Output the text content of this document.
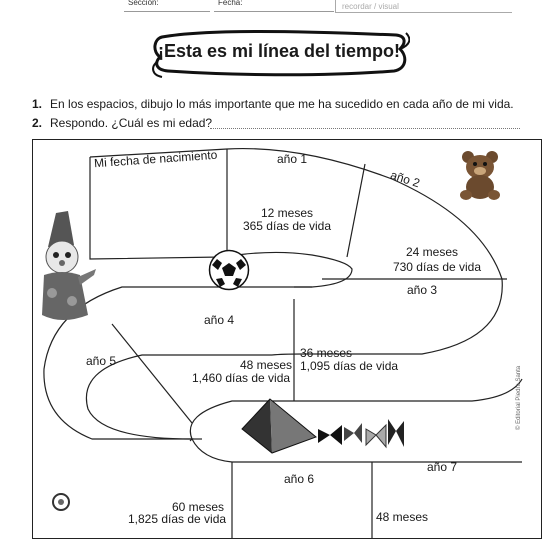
Sección:	Fecha:	recordar / visual
¡Esta es mi línea del tiempo!
1. En los espacios, dibujo lo más importante que me ha sucedido en cada año de mi vida.
2. Respondo. ¿Cuál es mi edad?
Mi fecha de nacimiento	año 1
12 meses
365 días de vida
año 2
24 meses
730 días de vida
año 3
año 4
36 meses
1,095 días de vida
48 meses
1,460 días de vida
año 5
año 6
año 7
60 meses
1,825 días de vida	48 meses
© Editorial Piedra Santa
